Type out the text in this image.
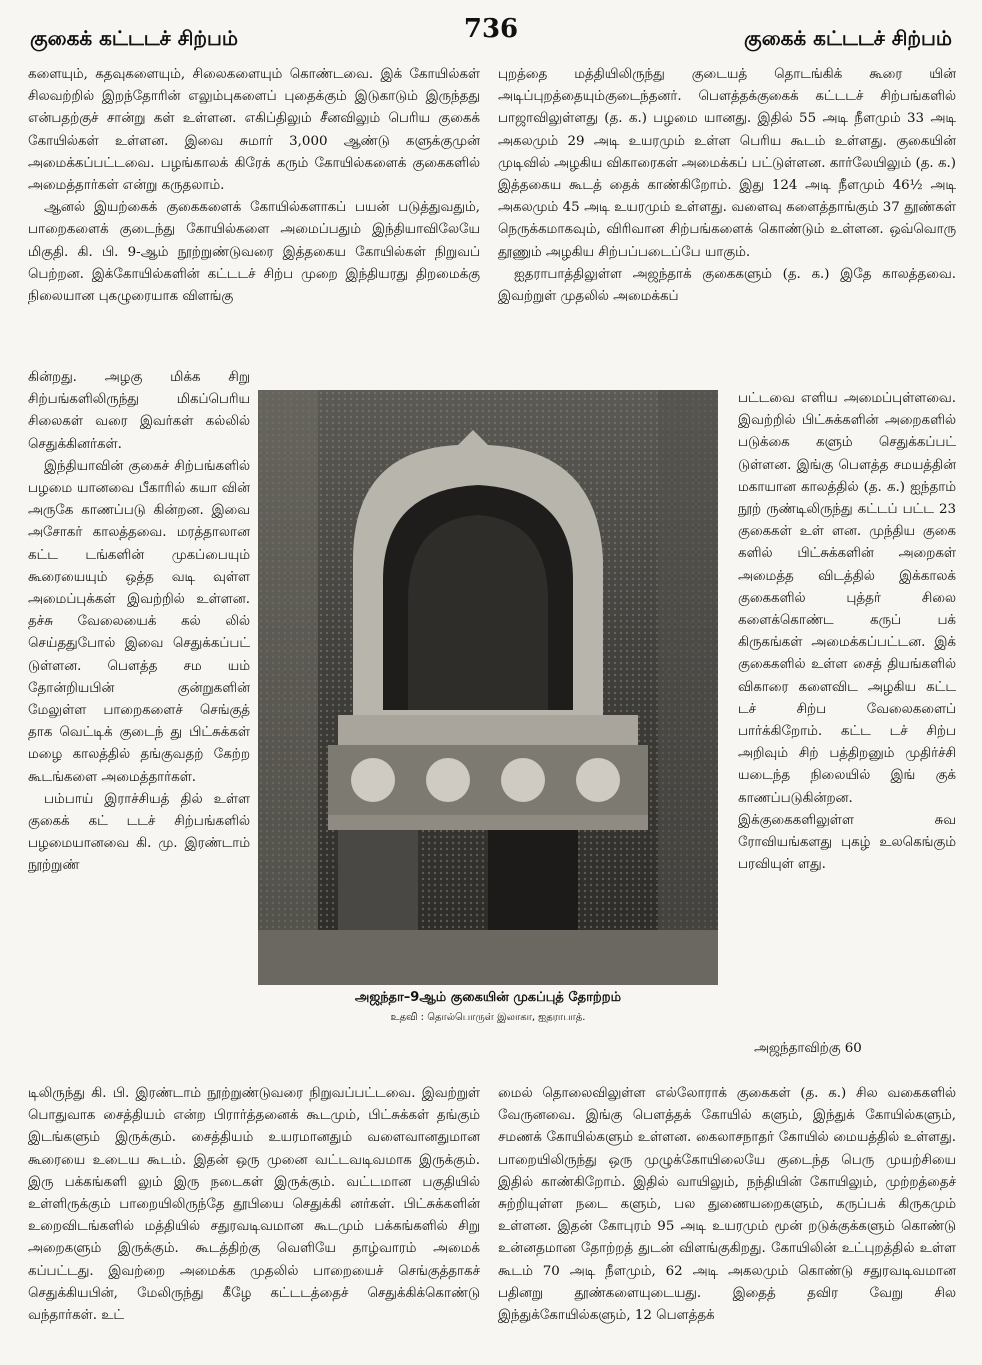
குகைக் கட்டடச் சிற்பம்	736	குகைக் கட்டடச் சிற்பம்

களையும், கதவுகளையும், சிலைகளையும் கொண்டவை. இக் கோயில்கள் சிலவற்றில் இறந்தோரின் எலும்புகளைப் புதைக்கும் இடுகாடும் இருந்தது என்பதற்குச் சான்று கள் உள்ளன. எகிப்திலும் சீனவிலும் பெரிய குகைக் கோயில்கள் உள்ளன. இவை சுமார் 3,000 ஆண்டு களுக்குமுன் அமைக்கப்பட்டவை. பழங்காலக் கிரேக் கரும் கோயில்களைக் குகைகளில் அமைத்தார்கள் என்று கருதலாம்.

ஆனல் இயற்கைக் குகைகளைக் கோயில்களாகப் பயன் படுத்துவதும், பாறைகளைக் குடைந்து கோயில்களை அமைப்பதும் இந்தியாவிலேயே மிகுதி. கி. பி. 9-ஆம் நூற்றுண்டுவரை இத்தகைய கோயில்கள் நிறுவப் பெற்றன. இக்கோயில்களின் கட்டடச் சிற்ப முறை இந்தியரது திறமைக்கு நிலையான புகழுரையாக விளங்கு

புறத்தை மத்தியிலிருந்து குடையத் தொடங்கிக் கூரை யின் அடிப்புறத்தையும்குடைந்தனர். பௌத்தக்குகைக் கட்டடச் சிற்பங்களில் பாஜாவிலுள்ளது (த. க.) பழமை யானது. இதில் 55 அடி நீளமும் 33 அடி அகலமும் 29 அடி உயரமும் உள்ள பெரிய கூடம் உள்ளது. குகையின் முடிவில் அழகிய விகாரைகள் அமைக்கப் பட்டுள்ளன. கார்லேயிலும் (த. க.) இத்தகைய கூடத் தைக் காண்கிறோம். இது 124 அடி நீளமும் 46½ அடி அகலமும் 45 அடி உயரமும் உள்ளது. வளைவு களைத்தாங்கும் 37 தூண்கள் நெருக்கமாகவும், விரிவான சிற்பங்களைக் கொண்டும் உள்ளன. ஒவ்வொரு தூணும் அழகிய சிற்பப்படைப்பே யாகும்.

ஐதராபாத்திலுள்ள அஜந்தாக் குகைகளும் (த. க.) இதே காலத்தவை. இவற்றுள் முதலில் அமைக்கப்

கின்றது. அழகு மிக்க சிறு சிற்பங்களிலிருந்து மிகப்பெரிய சிலைகள் வரை இவர்கள் கல்லில் செதுக்கினர்கள்.

இந்தியாவின் குகைச் சிற்பங்களில் பழமை யானவை பீகாரில் கயா வின் அருகே காணப்படு கின்றன. இவை அசோகர் காலத்தவை. மரத்தாலான கட்ட டங்களின் முகப்பையும் கூரையையும் ஒத்த வடி வுள்ள அமைப்புக்கள் இவற்றில் உள்ளன. தச்சு வேலையைக் கல் லில் செய்ததுபோல் இவை செதுக்கப்பட் டுள்ளன. பௌத்த சம யம் தோன்றியபின் குன்றுகளின் மேலுள்ள பாறைகளைச் செங்குத் தாக வெட்டிக் குடைந் து பிட்சுக்கள் மழை காலத்தில் தங்குவதற் கேற்ற கூடங்களை அமைத்தார்கள்.

பம்பாய் இராச்சியத் தில் உள்ள குகைக் கட் டடச் சிற்பங்களில் பழமையானவை கி. மு. இரண்டாம் நூற்றுண்

பட்டவை எளிய அமைப்புள்ளவை. இவற்றில் பிட்சுக்களின் அறைகளில் படுக்கை களும் செதுக்கப்பட் டுள்ளன. இங்கு பௌத்த சமயத்தின் மகாயான காலத்தில் (த. க.) ஐந்தாம் நூற் ருண்டிலிருந்து கட்டப் பட்ட 23 குகைகள் உள் ளன. முந்திய குகை களில் பிட்சுக்களின் அறைகள் அமைத்த விடத்தில் இக்காலக் குகைகளில் புத்தர் சிலை களைக்கொண்ட கருப் பக் கிருகங்கள் அமைக்கப்பட்டன. இக் குகைகளில் உள்ள சைத் தியங்களில் விகாரை களைவிட அழகிய கட்ட டச் சிற்ப வேலைகளைப் பார்க்கிறோம். கட்ட டச் சிற்ப அறிவும் சிற் பத்திறனும் முதிர்ச்சி யடைந்த நிலையில் இங் குக் காணப்படுகின்றன. இக்குகைகளிலுள்ள சுவ ரோவியங்களது புகழ் உலகெங்கும் பரவியுள் ளது.

அஜந்தாவிற்கு 60
அஜந்தா–9ஆம் குகையின் முகப்புத் தோற்றம்
உதவி : தொல்பொருள் இலாகா, ஐதராபாத்.

டிலிருந்து கி. பி. இரண்டாம் நூற்றுண்டுவரை நிறுவப்பட்டவை. இவற்றுள் பொதுவாக சைத்தியம் என்ற பிரார்த்தனைக் கூடமும், பிட்சுக்கள் தங்கும் இடங்களும் இருக்கும். சைத்தியம் உயரமானதும் வளைவானதுமான கூரையை உடைய கூடம். இதன் ஒரு முனை வட்டவடிவமாக இருக்கும். இரு பக்கங்களி லும் இரு நடைகள் இருக்கும். வட்டமான பகுதியில் உள்ளிருக்கும் பாறையிலிருந்தே தூபியை செதுக்கி னர்கள். பிட்சுக்களின் உறைவிடங்களில் மத்தியில் சதுரவடிவமான கூடமும் பக்கங்களில் சிறு அறைகளும் இருக்கும். கூடத்திற்கு வெளியே தாழ்வாரம் அமைக் கப்பட்டது. இவற்றை அமைக்க முதலில் பாறையைச் செங்குத்தாகச் செதுக்கியபின், மேலிருந்து கீழே கட்டடத்தைச் செதுக்கிக்கொண்டு வந்தார்கள். உட்

மைல் தொலைவிலுள்ள எல்லோராக் குகைகள் (த. க.) சில வகைகளில் வேருனவை. இங்கு பௌத்தக் கோயில் களும், இந்துக் கோயில்களும், சமணக் கோயில்களும் உள்ளன. கைலாசநாதர் கோயில் மையத்தில் உள்ளது. பாறையிலிருந்து ஒரு முழுக்கோயிலையே குடைந்த பெரு முயற்சியை இதில் காண்கிறோம். இதில் வாயிலும், நந்தியின் கோயிலும், முற்றத்தைச் சுற்றியுள்ள நடை களும், பல துணையறைகளும், கருப்பக் கிருகமும் உள்ளன. இதன் கோபுரம் 95 அடி உயரமும் மூன் றடுக்குக்களும் கொண்டு உன்னதமான தோற்றத் துடன் விளங்குகிறது. கோயிலின் உட்புறத்தில் உள்ள கூடம் 70 அடி நீளமும், 62 அடி அகலமும் கொண்டு சதுரவடிவமான பதினறு தூண்களையுடையது. இதைத் தவிர வேறு சில இந்துக்கோயில்களும், 12 பௌத்தக்
